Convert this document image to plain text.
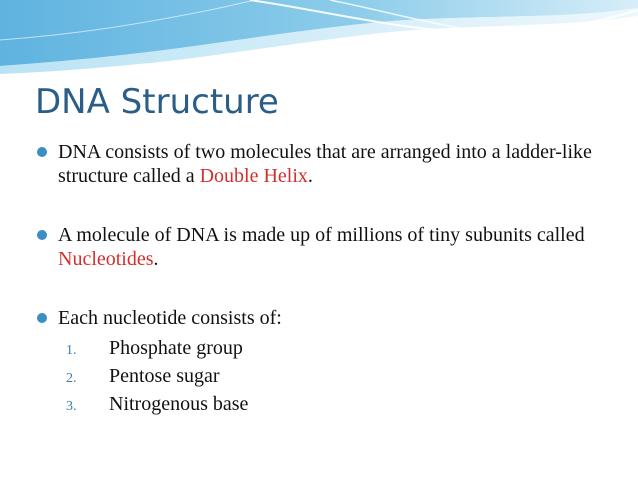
DNA Structure
DNA consists of two molecules that are arranged into a ladder-like structure called a Double Helix.
A molecule of DNA is made up of millions of tiny subunits called Nucleotides.
Each nucleotide consists of:
1. Phosphate group
2. Pentose sugar
3. Nitrogenous base
